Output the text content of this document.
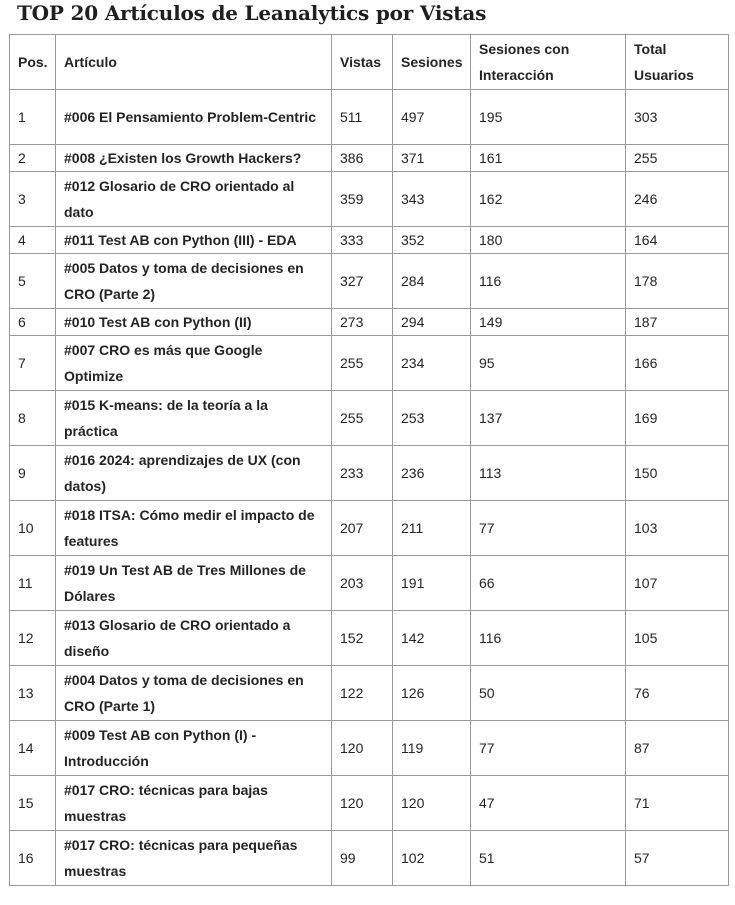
TOP 20 Artículos de Leanalytics por Vistas
Pos.	Artículo	Vistas	Sesiones	Sesiones con Interacción	Total Usuarios
1	#006 El Pensamiento Problem-Centric	511	497	195	303
2	#008 ¿Existen los Growth Hackers?	386	371	161	255
3	#012 Glosario de CRO orientado al dato	359	343	162	246
4	#011 Test AB con Python (III) - EDA	333	352	180	164
5	#005 Datos y toma de decisiones en CRO (Parte 2)	327	284	116	178
6	#010 Test AB con Python (II)	273	294	149	187
7	#007 CRO es más que Google Optimize	255	234	95	166
8	#015 K-means: de la teoría a la práctica	255	253	137	169
9	#016 2024: aprendizajes de UX (con datos)	233	236	113	150
10	#018 ITSA: Cómo medir el impacto de features	207	211	77	103
11	#019 Un Test AB de Tres Millones de Dólares	203	191	66	107
12	#013 Glosario de CRO orientado a diseño	152	142	116	105
13	#004 Datos y toma de decisiones en CRO (Parte 1)	122	126	50	76
14	#009 Test AB con Python (I) - Introducción	120	119	77	87
15	#017 CRO: técnicas para bajas muestras	120	120	47	71
16	#017 CRO: técnicas para pequeñas muestras	99	102	51	57
